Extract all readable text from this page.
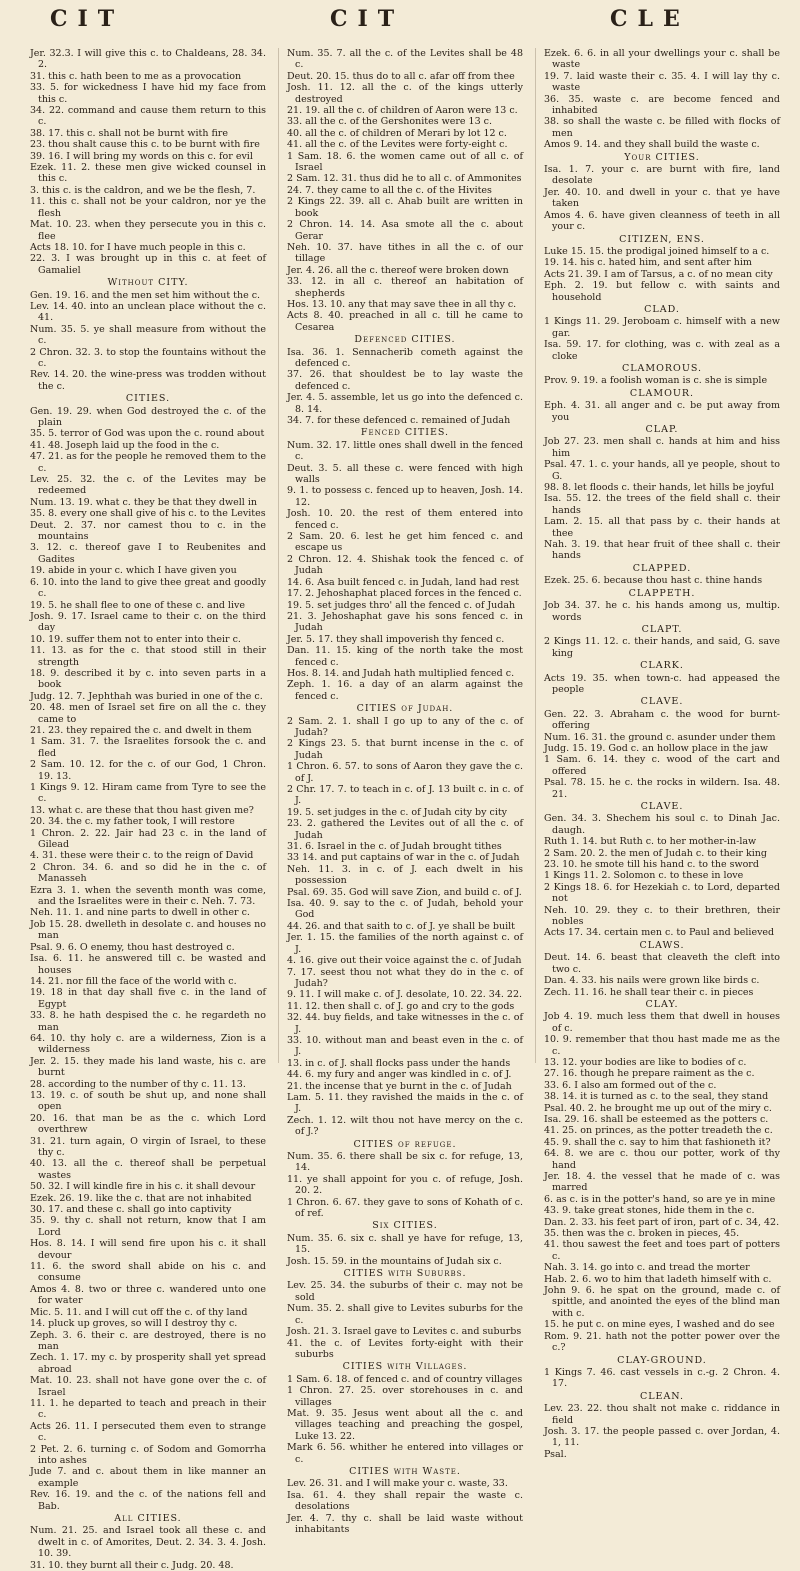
CIT	CIT	CLE

Jer. 32.3. I will give this c. to Chaldeans, 28. 34. 2.

31. this c. hath been to me as a provocation

33. 5. for wickedness I have hid my face from this c.

34. 22. command and cause them return to this c.

38. 17. this c. shall not be burnt with fire

23. thou shalt cause this c. to be burnt with fire

39. 16. I will bring my words on this c. for evil

Ezek. 11. 2. these men give wicked counsel in this c.

3. this c. is the caldron, and we be the flesh, 7.

11. this c. shall not be your caldron, nor ye the flesh

Mat. 10. 23. when they persecute you in this c. flee

Acts 18. 10. for I have much people in this c.

22. 3. I was brought up in this c. at feet of Gamaliel

Without CITY.

Gen. 19. 16. and the men set him without the c.

Lev. 14. 40. into an unclean place without the c. 41.

Num. 35. 5. ye shall measure from without the c.

2 Chron. 32. 3. to stop the fountains without the c.

Rev. 14. 20. the wine-press was trodden without the c.

CITIES.

Gen. 19. 29. when God destroyed the c. of the plain

35. 5. terror of God was upon the c. round about

41. 48. Joseph laid up the food in the c.

47. 21. as for the people he removed them to the c.

Lev. 25. 32. the c. of the Levites may be redeemed

Num. 13. 19. what c. they be that they dwell in

35. 8. every one shall give of his c. to the Levites

Deut. 2. 37. nor camest thou to c. in the mountains

3. 12. c. thereof gave I to Reubenites and Gadites

19. abide in your c. which I have given you

6. 10. into the land to give thee great and goodly c.

19. 5. he shall flee to one of these c. and live

Josh. 9. 17. Israel came to their c. on the third day

10. 19. suffer them not to enter into their c.

11. 13. as for the c. that stood still in their strength

18. 9. described it by c. into seven parts in a book

Judg. 12. 7. Jephthah was buried in one of the c.

20. 48. men of Israel set fire on all the c. they came to

21. 23. they repaired the c. and dwelt in them

1 Sam. 31. 7. the Israelites forsook the c. and fled

2 Sam. 10. 12. for the c. of our God, 1 Chron. 19. 13.

1 Kings 9. 12. Hiram came from Tyre to see the c.

13. what c. are these that thou hast given me?

20. 34. the c. my father took, I will restore

1 Chron. 2. 22. Jair had 23 c. in the land of Gilead

4. 31. these were their c. to the reign of David

2 Chron. 34. 6. and so did he in the c. of Manasseh

Ezra 3. 1. when the seventh month was come, and the Israelites were in their c. Neh. 7. 73.

Neh. 11. 1. and nine parts to dwell in other c.

Job 15. 28. dwelleth in desolate c. and houses no man

Psal. 9. 6. O enemy, thou hast destroyed c.

Isa. 6. 11. he answered till c. be wasted and houses

14. 21. nor fill the face of the world with c.

19. 18 in that day shall five c. in the land of Egypt

33. 8. he hath despised the c. he regardeth no man

64. 10. thy holy c. are a wilderness, Zion is a wilderness

Jer. 2. 15. they made his land waste, his c. are burnt

28. according to the number of thy c. 11. 13.

13. 19. c. of south be shut up, and none shall open

20. 16. that man be as the c. which Lord overthrew

31. 21. turn again, O virgin of Israel, to these thy c.

40. 13. all the c. thereof shall be perpetual wastes

50. 32. I will kindle fire in his c. it shall devour

Ezek. 26. 19. like the c. that are not inhabited

30. 17. and these c. shall go into captivity

35. 9. thy c. shall not return, know that I am Lord

Hos. 8. 14. I will send fire upon his c. it shall devour

11. 6. the sword shall abide on his c. and consume

Amos 4. 8. two or three c. wandered unto one for water

Mic. 5. 11. and I will cut off the c. of thy land

14. pluck up groves, so will I destroy thy c.

Zeph. 3. 6. their c. are destroyed, there is no man

Zech. 1. 17. my c. by prosperity shall yet spread abroad

Mat. 10. 23. shall not have gone over the c. of Israel

11. 1. he departed to teach and preach in their c.

Acts 26. 11. I persecuted them even to strange c.

2 Pet. 2. 6. turning c. of Sodom and Gomorrha into ashes

Jude 7. and c. about them in like manner an example

Rev. 16. 19. and the c. of the nations fell and Bab.

All CITIES.

Num. 21. 25. and Israel took all these c. and dwelt in c. of Amorites, Deut. 2. 34. 3. 4. Josh. 10. 39.

31. 10. they burnt all their c. Judg. 20. 48.

Num. 35. 7. all the c. of the Levites shall be 48 c.

Deut. 20. 15. thus do to all c. afar off from thee

Josh. 11. 12. all the c. of the kings utterly destroyed

21. 19. all the c. of children of Aaron were 13 c.

33. all the c. of the Gershonites were 13 c.

40. all the c. of children of Merari by lot 12 c.

41. all the c. of the Levites were forty-eight c.

1 Sam. 18. 6. the women came out of all c. of Israel

2 Sam. 12. 31. thus did he to all c. of Ammonites

24. 7. they came to all the c. of the Hivites

2 Kings 22. 39. all c. Ahab built are written in book

2 Chron. 14. 14. Asa smote all the c. about Gerar

Neh. 10. 37. have tithes in all the c. of our tillage

Jer. 4. 26. all the c. thereof were broken down

33. 12. in all c. thereof an habitation of shepherds

Hos. 13. 10. any that may save thee in all thy c.

Acts 8. 40. preached in all c. till he came to Cesarea

Defenced CITIES.

Isa. 36. 1. Sennacherib cometh against the defenced c.

37. 26. that shouldest be to lay waste the defenced c.

Jer. 4. 5. assemble, let us go into the defenced c. 8. 14.

34. 7. for these defenced c. remained of Judah

Fenced CITIES.

Num. 32. 17. little ones shall dwell in the fenced c.

Deut. 3. 5. all these c. were fenced with high walls

9. 1. to possess c. fenced up to heaven, Josh. 14. 12.

Josh. 10. 20. the rest of them entered into fenced c.

2 Sam. 20. 6. lest he get him fenced c. and escape us

2 Chron. 12. 4. Shishak took the fenced c. of Judah

14. 6. Asa built fenced c. in Judah, land had rest

17. 2. Jehoshaphat placed forces in the fenced c.

19. 5. set judges thro' all the fenced c. of Judah

21. 3. Jehoshaphat gave his sons fenced c. in Judah

Jer. 5. 17. they shall impoverish thy fenced c.

Dan. 11. 15. king of the north take the most fenced c.

Hos. 8. 14. and Judah hath multiplied fenced c.

Zeph. 1. 16. a day of an alarm against the fenced c.

CITIES of Judah.

2 Sam. 2. 1. shall I go up to any of the c. of Judah?

2 Kings 23. 5. that burnt incense in the c. of Judah

1 Chron. 6. 57. to sons of Aaron they gave the c. of J.

2 Chr. 17. 7. to teach in c. of J. 13 built c. in c. of J.

19. 5. set judges in the c. of Judah city by city

23. 2. gathered the Levites out of all the c. of Judah

31. 6. Israel in the c. of Judah brought tithes

33 14. and put captains of war in the c. of Judah

Neh. 11. 3. in c. of J. each dwelt in his possession

Psal. 69. 35. God will save Zion, and build c. of J.

Isa. 40. 9. say to the c. of Judah, behold your God

44. 26. and that saith to c. of J. ye shall be built

Jer. 1. 15. the families of the north against c. of J.

4. 16. give out their voice against the c. of Judah

7. 17. seest thou not what they do in the c. of Judah?

9. 11. I will make c. of J. desolate, 10. 22. 34. 22.

11. 12. then shall c. of J. go and cry to the gods

32. 44. buy fields, and take witnesses in the c. of J.

33. 10. without man and beast even in the c. of J.

13. in c. of J. shall flocks pass under the hands

44. 6. my fury and anger was kindled in c. of J.

21. the incense that ye burnt in the c. of Judah

Lam. 5. 11. they ravished the maids in the c. of J.

Zech. 1. 12. wilt thou not have mercy on the c. of J.?

CITIES of refuge.

Num. 35. 6. there shall be six c. for refuge, 13, 14.

11. ye shall appoint for you c. of refuge, Josh. 20. 2.

1 Chron. 6. 67. they gave to sons of Kohath of c. of ref.

Six CITIES.

Num. 35. 6. six c. shall ye have for refuge, 13, 15.

Josh. 15. 59. in the mountains of Judah six c.

CITIES with Suburbs.

Lev. 25. 34. the suburbs of their c. may not be sold

Num. 35. 2. shall give to Levites suburbs for the c.

Josh. 21. 3. Israel gave to Levites c. and suburbs

41. the c. of Levites forty-eight with their suburbs

CITIES with Villages.

1 Sam. 6. 18. of fenced c. and of country villages

1 Chron. 27. 25. over storehouses in c. and villages

Mat. 9. 35. Jesus went about all the c. and villages teaching and preaching the gospel, Luke 13. 22.

Mark 6. 56. whither he entered into villages or c.

CITIES with Waste.

Lev. 26. 31. and I will make your c. waste, 33.

Isa. 61. 4. they shall repair the waste c. desolations

Jer. 4. 7. thy c. shall be laid waste without inhabitants

Ezek. 6. 6. in all your dwellings your c. shall be waste

19. 7. laid waste their c. 35. 4. I will lay thy c. waste

36. 35. waste c. are become fenced and inhabited

38. so shall the waste c. be filled with flocks of men

Amos 9. 14. and they shall build the waste c.

Your CITIES.

Isa. 1. 7. your c. are burnt with fire, land desolate

Jer. 40. 10. and dwell in your c. that ye have taken

Amos 4. 6. have given cleanness of teeth in all your c.

CITIZEN, ENS.

Luke 15. 15. the prodigal joined himself to a c.

19. 14. his c. hated him, and sent after him

Acts 21. 39. I am of Tarsus, a c. of no mean city

Eph. 2. 19. but fellow c. with saints and household

CLAD.

1 Kings 11. 29. Jeroboam c. himself with a new gar.

Isa. 59. 17. for clothing, was c. with zeal as a cloke

CLAMOROUS.

Prov. 9. 19. a foolish woman is c. she is simple

CLAMOUR.

Eph. 4. 31. all anger and c. be put away from you

CLAP.

Job 27. 23. men shall c. hands at him and hiss him

Psal. 47. 1. c. your hands, all ye people, shout to G.

98. 8. let floods c. their hands, let hills be joyful

Isa. 55. 12. the trees of the field shall c. their hands

Lam. 2. 15. all that pass by c. their hands at thee

Nah. 3. 19. that hear fruit of thee shall c. their hands

CLAPPED.

Ezek. 25. 6. because thou hast c. thine hands

CLAPPETH.

Job 34. 37. he c. his hands among us, multip. words

CLAPT.

2 Kings 11. 12. c. their hands, and said, G. save king

CLARK.

Acts 19. 35. when town-c. had appeased the people

CLAVE.

Gen. 22. 3. Abraham c. the wood for burnt-offering

Num. 16. 31. the ground c. asunder under them

Judg. 15. 19. God c. an hollow place in the jaw

1 Sam. 6. 14. they c. wood of the cart and offered

Psal. 78. 15. he c. the rocks in wildern. Isa. 48. 21.

CLAVE.

Gen. 34. 3. Shechem his soul c. to Dinah Jac. daugh.

Ruth 1. 14. but Ruth c. to her mother-in-law

2 Sam. 20. 2. the men of Judah c. to their king

23. 10. he smote till his hand c. to the sword

1 Kings 11. 2. Solomon c. to these in love

2 Kings 18. 6. for Hezekiah c. to Lord, departed not

Neh. 10. 29. they c. to their brethren, their nobles

Acts 17. 34. certain men c. to Paul and believed

CLAWS.

Deut. 14. 6. beast that cleaveth the cleft into two c.

Dan. 4. 33. his nails were grown like birds c.

Zech. 11. 16. he shall tear their c. in pieces

CLAY.

Job 4. 19. much less them that dwell in houses of c.

10. 9. remember that thou hast made me as the c.

13. 12. your bodies are like to bodies of c.

27. 16. though he prepare raiment as the c.

33. 6. I also am formed out of the c.

38. 14. it is turned as c. to the seal, they stand

Psal. 40. 2. he brought me up out of the miry c.

Isa. 29. 16. shall be esteemed as the potters c.

41. 25. on princes, as the potter treadeth the c.

45. 9. shall the c. say to him that fashioneth it?

64. 8. we are c. thou our potter, work of thy hand

Jer. 18. 4. the vessel that he made of c. was marred

6. as c. is in the potter's hand, so are ye in mine

43. 9. take great stones, hide them in the c.

Dan. 2. 33. his feet part of iron, part of c. 34, 42.

35. then was the c. broken in pieces, 45.

41. thou sawest the feet and toes part of potters c.

Nah. 3. 14. go into c. and tread the morter

Hab. 2. 6. wo to him that ladeth himself with c.

John 9. 6. he spat on the ground, made c. of spittle, and anointed the eyes of the blind man with c.

15. he put c. on mine eyes, I washed and do see

Rom. 9. 21. hath not the potter power over the c.?

CLAY-GROUND.

1 Kings 7. 46. cast vessels in c.-g. 2 Chron. 4. 17.

CLEAN.

Lev. 23. 22. thou shalt not make c. riddance in field

Josh. 3. 17. the people passed c. over Jordan, 4. 1, 11.

Psal.
